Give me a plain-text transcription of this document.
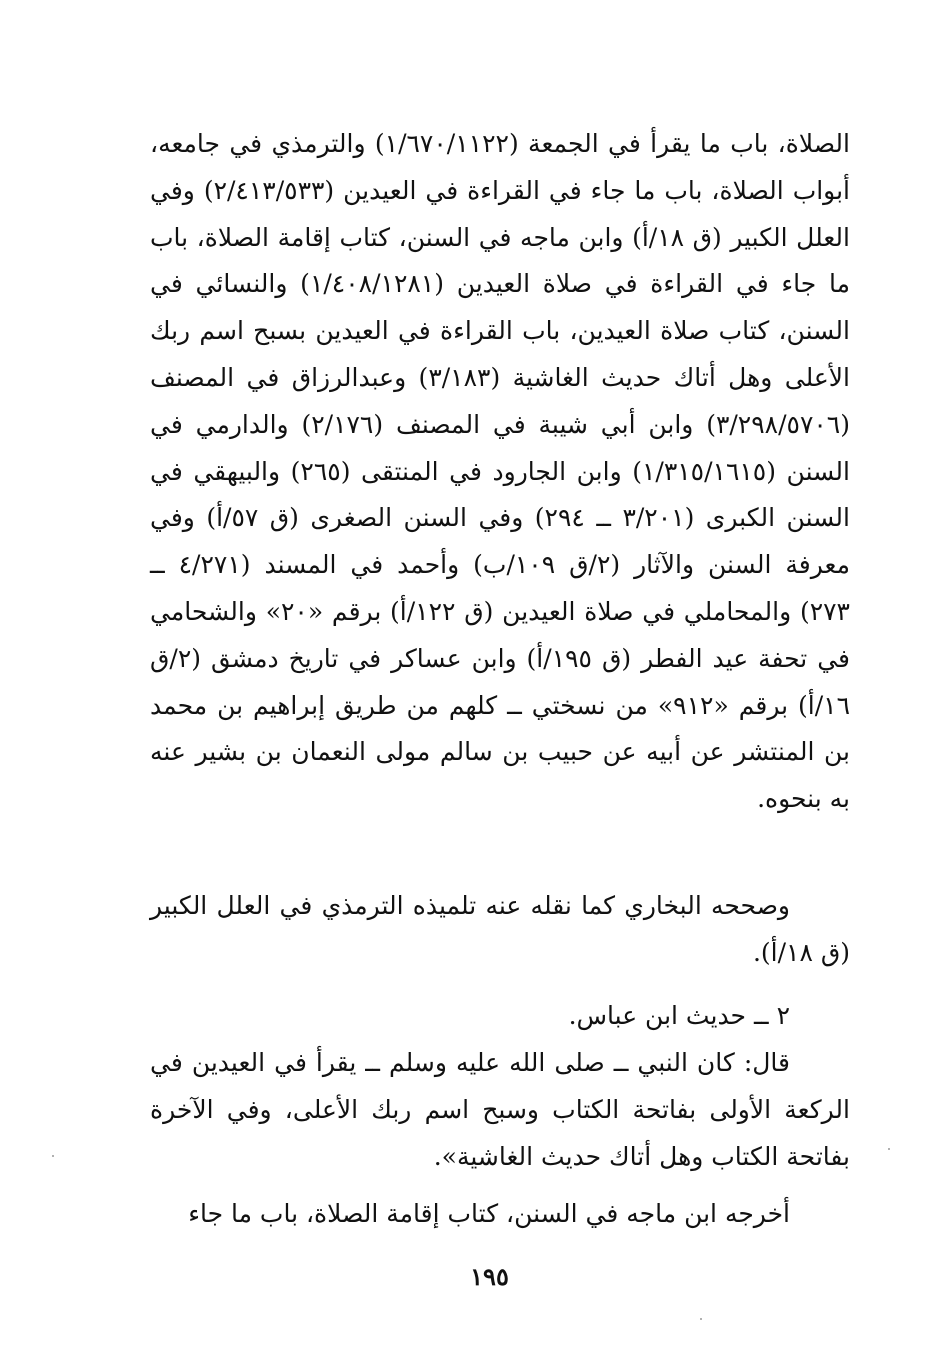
الصلاة، باب ما يقرأ في الجمعة (١/٦٧٠/١١٢٢) والترمذي في جامعه، أبواب الصلاة، باب ما جاء في القراءة في العيدين (٢/٤١٣/٥٣٣) وفي العلل الكبير (ق ١٨/أ) وابن ماجه في السنن، كتاب إقامة الصلاة، باب ما جاء في القراءة في صلاة العيدين (١/٤٠٨/١٢٨١) والنسائي في السنن، كتاب صلاة العيدين، باب القراءة في العيدين بسبح اسم ربك الأعلى وهل أتاك حديث الغاشية (٣/١٨٣) وعبدالرزاق في المصنف (٣/٢٩٨/٥٧٠٦) وابن أبي شيبة في المصنف (٢/١٧٦) والدارمي في السنن (١/٣١٥/١٦١٥) وابن الجارود في المنتقى (٢٦٥) والبيهقي في السنن الكبرى (٣/٢٠١ ــ ٢٩٤) وفي السنن الصغرى (ق ٥٧/أ) وفي معرفة السنن والآثار (٢/ق ١٠٩/ب) وأحمد في المسند (٤/٢٧١ ــ ٢٧٣) والمحاملي في صلاة العيدين (ق ١٢٢/أ) برقم «٢٠» والشحامي في تحفة عيد الفطر (ق ١٩٥/أ) وابن عساكر في تاريخ دمشق (٢/ق ١٦/أ) برقم «٩١٢» من نسختي ــ كلهم من طريق إبراهيم بن محمد بن المنتشر عن أبيه عن حبيب بن سالم مولى النعمان بن بشير عنه به بنحوه.

وصححه البخاري كما نقله عنه تلميذه الترمذي في العلل الكبير (ق ١٨/أ).

٢ ــ حديث ابن عباس.

قال: كان النبي ــ صلى الله عليه وسلم ــ يقرأ في العيدين في الركعة الأولى بفاتحة الكتاب وسبح اسم ربك الأعلى، وفي الآخرة بفاتحة الكتاب وهل أتاك حديث الغاشية».

أخرجه ابن ماجه في السنن، كتاب إقامة الصلاة، باب ما جاء

١٩٥
